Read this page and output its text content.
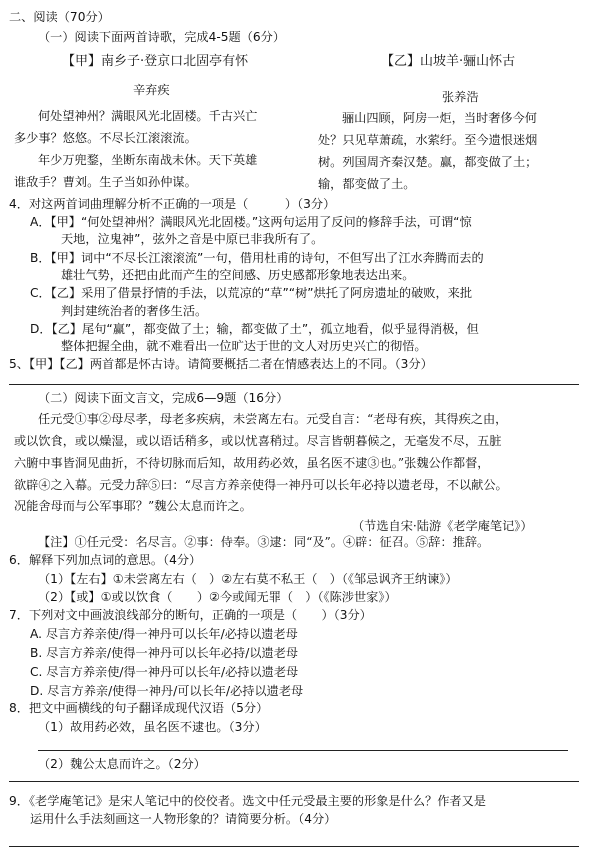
二、阅读（70分）
（一）阅读下面两首诗歌，完成4-5题（6分）
【甲】南乡子·登京口北固亭有怀
辛弃疾
何处望神州？满眼风光北固楼。千古兴亡
多少事？悠悠。不尽长江滚滚流。
年少万兜鍪，坐断东南战未休。天下英雄
谁敌手？曹刘。生子当如孙仲谋。
【乙】山坡羊·骊山怀古
张养浩
骊山四顾，阿房一炬，当时奢侈今何
处？只见草萧疏，水萦纡。至今遗恨迷烟
树。列国周齐秦汉楚。赢，都变做了土；
输，都变做了土。
4．对这两首词曲理解分析不正确的一项是（　　　）（3分）
A．【甲】“何处望神州？满眼风光北固楼。”这两句运用了反问的修辞手法，可谓“惊
天地，泣鬼神”，弦外之音是中原已非我所有了。
B．【甲】词中“不尽长江滚滚流”一句，借用杜甫的诗句，不但写出了江水奔腾而去的
雄壮气势，还把由此而产生的空间感、历史感都形象地表达出来。
C．【乙】采用了借景抒情的手法，以荒凉的“草”“树”烘托了阿房遗址的破败，来批
判封建统治者的奢侈生活。
D．【乙】尾句“赢”，都变做了土；输，都变做了土”，孤立地看，似乎显得消极，但
整体把握全曲，就不难看出一位旷达于世的文人对历史兴亡的彻悟。
5、【甲】【乙】两首都是怀古诗。请简要概括二者在情感表达上的不同。（3分）
（二）阅读下面文言文，完成6—9题（16分）
任元受①事②母尽孝，母老多疾病，未尝离左右。元受自言：“老母有疾，其得疾之由，
或以饮食，或以燥湿，或以语话稍多，或以忧喜稍过。尽言皆朝暮候之，无毫发不尽，五脏
六腑中事皆洞见曲折，不待切脉而后知，故用药必效，虽名医不逮③也。”张魏公作都督，
欲辟④之入幕。元受力辞⑤曰：“尽言方养亲使得一神丹可以长年必持以遗老母，不以献公。
况能舍母而与公军事耶？”魏公太息而许之。
（节选自宋·陆游《老学庵笔记》）
【注】①任元受：名尽言。②事：侍奉。③逮：同“及”。④辟：征召。⑤辞：推辞。
6．解释下列加点词的意思。（4分）
（1）【左右】①未尝离左右（　）②左右莫不私王（　）（《邹忌讽齐王纳谏》）
（2）【或】①或以饮食（　　）②今或闻无罪（　）（《陈涉世家》）
7．下列对文中画波浪线部分的断句，正确的一项是（　　）（3分）
A. 尽言方养亲使/得一神丹可以长年/必持以遗老母
B. 尽言方养亲/使得一神丹可以长年必持/以遗老母
C. 尽言方养亲使/得一神丹可以长年/必持以遗老母
D. 尽言方养亲/使得一神丹/可以长年/必持以遗老母
8．把文中画横线的句子翻译成现代汉语（5分）
（1）故用药必效，虽名医不逮也。（3分）
（2）魏公太息而许之。（2分）
9．《老学庵笔记》是宋人笔记中的佼佼者。选文中任元受最主要的形象是什么？作者又是
运用什么手法刻画这一人物形象的？请简要分析。（4分）
